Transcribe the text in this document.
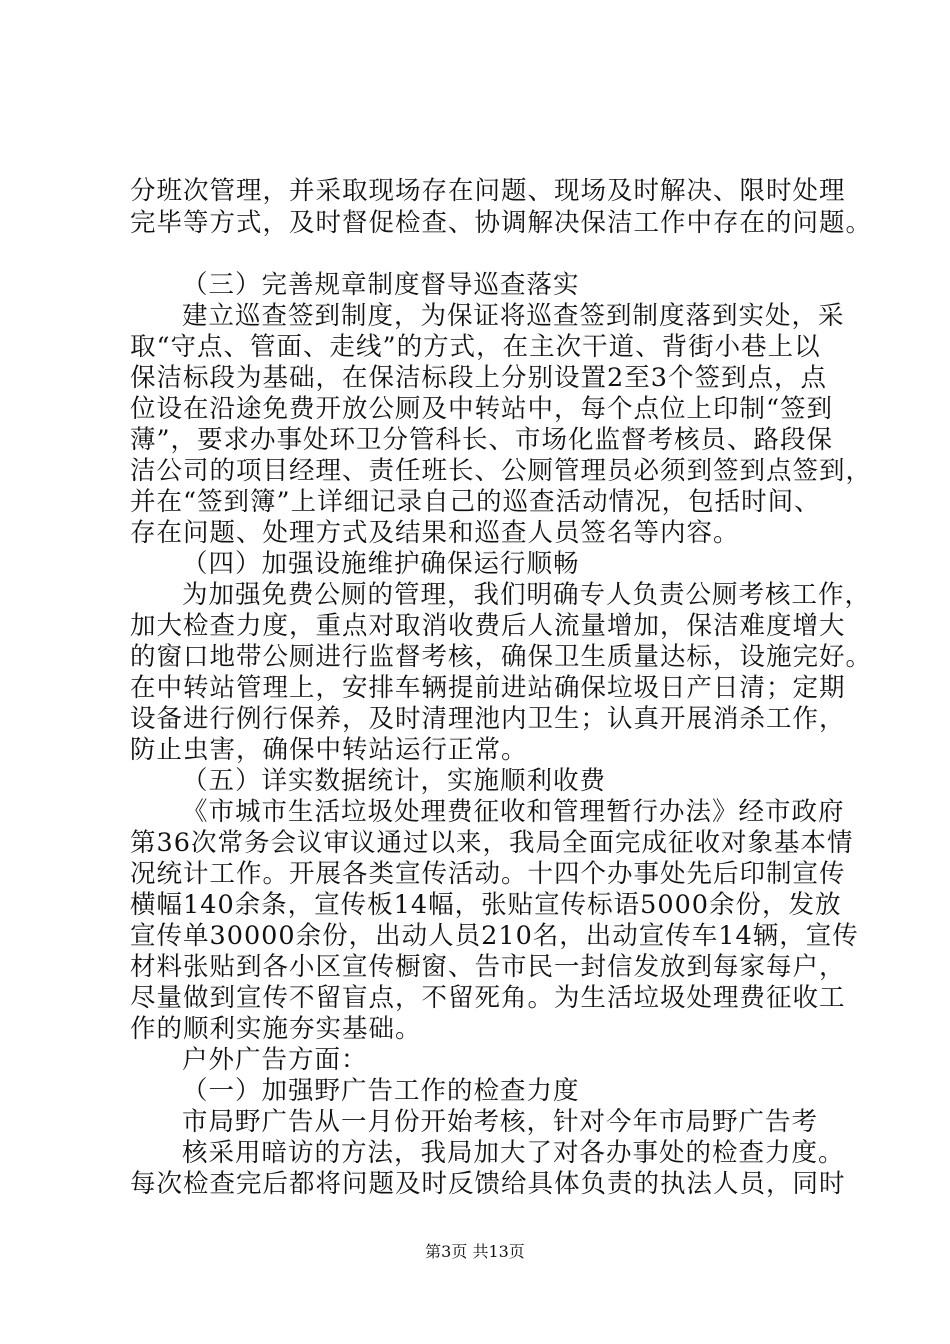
分班次管理，并采取现场存在问题、现场及时解决、限时处理
完毕等方式，及时督促检查、协调解决保洁工作中存在的问题。
（三）完善规章制度督导巡查落实
建立巡查签到制度，为保证将巡查签到制度落到实处，采
取“守点、管面、走线”的方式，在主次干道、背街小巷上以
保洁标段为基础，在保洁标段上分别设置2至3个签到点，点
位设在沿途免费开放公厕及中转站中，每个点位上印制“签到
薄”，要求办事处环卫分管科长、市场化监督考核员、路段保
洁公司的项目经理、责任班长、公厕管理员必须到签到点签到，
并在“签到簿”上详细记录自己的巡查活动情况，包括时间、
存在问题、处理方式及结果和巡查人员签名等内容。
（四）加强设施维护确保运行顺畅
为加强免费公厕的管理，我们明确专人负责公厕考核工作，
加大检查力度，重点对取消收费后人流量增加，保洁难度增大
的窗口地带公厕进行监督考核，确保卫生质量达标，设施完好。
在中转站管理上，安排车辆提前进站确保垃圾日产日清；定期
设备进行例行保养，及时清理池内卫生；认真开展消杀工作，
防止虫害，确保中转站运行正常。
（五）详实数据统计，实施顺利收费
《市城市生活垃圾处理费征收和管理暂行办法》经市政府
第36次常务会议审议通过以来，我局全面完成征收对象基本情
况统计工作。开展各类宣传活动。十四个办事处先后印制宣传
横幅140余条，宣传板14幅，张贴宣传标语5000余份，发放
宣传单30000余份，出动人员210名，出动宣传车14辆，宣传
材料张贴到各小区宣传橱窗、告市民一封信发放到每家每户，
尽量做到宣传不留盲点，不留死角。为生活垃圾处理费征收工
作的顺利实施夯实基础。
户外广告方面：
（一）加强野广告工作的检查力度
市局野广告从一月份开始考核，针对今年市局野广告考
核采用暗访的方法，我局加大了对各办事处的检查力度。
每次检查完后都将问题及时反馈给具体负责的执法人员，同时
第3页 共13页
